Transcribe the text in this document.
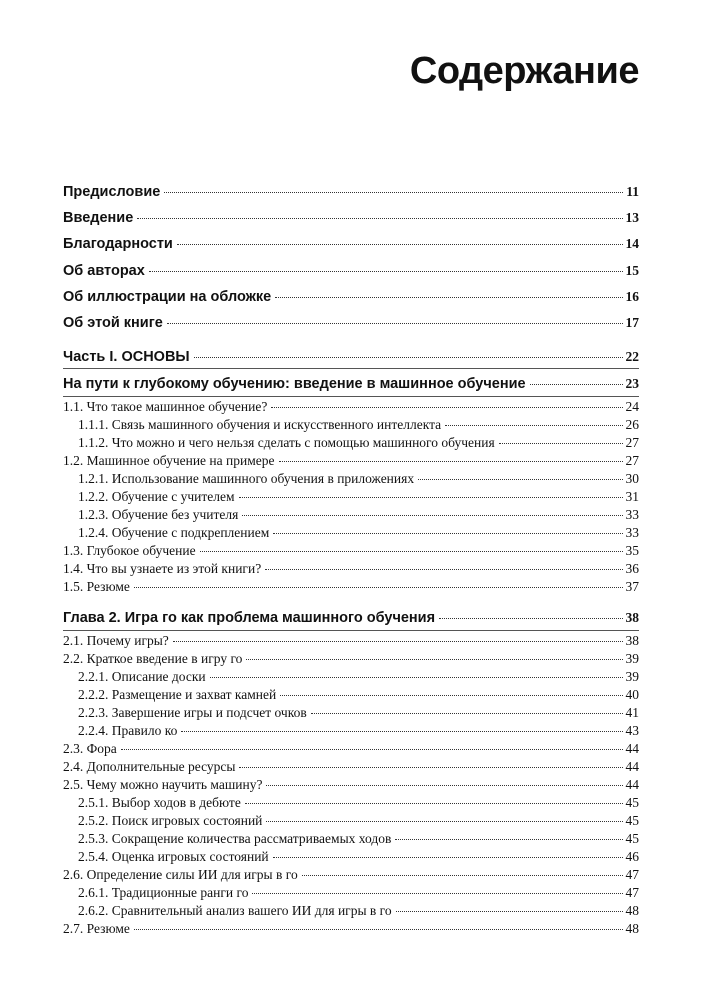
Содержание
Предисловие	11
Введение	13
Благодарности	14
Об авторах	15
Об иллюстрации на обложке	16
Об этой книге	17
Часть I. ОСНОВЫ	22
На пути к глубокому обучению: введение в машинное обучение	23
1.1. Что такое машинное обучение?	24
1.1.1. Связь машинного обучения и искусственного интеллекта	26
1.1.2. Что можно и чего нельзя сделать с помощью машинного обучения	27
1.2. Машинное обучение на примере	27
1.2.1. Использование машинного обучения в приложениях	30
1.2.2. Обучение с учителем	31
1.2.3. Обучение без учителя	33
1.2.4. Обучение с подкреплением	33
1.3. Глубокое обучение	35
1.4. Что вы узнаете из этой книги?	36
1.5. Резюме	37
Глава 2. Игра го как проблема машинного обучения	38
2.1. Почему игры?	38
2.2. Краткое введение в игру го	39
2.2.1. Описание доски	39
2.2.2. Размещение и захват камней	40
2.2.3. Завершение игры и подсчет очков	41
2.2.4. Правило ко	43
2.3. Фора	44
2.4. Дополнительные ресурсы	44
2.5. Чему можно научить машину?	44
2.5.1. Выбор ходов в дебюте	45
2.5.2. Поиск игровых состояний	45
2.5.3. Сокращение количества рассматриваемых ходов	45
2.5.4. Оценка игровых состояний	46
2.6. Определение силы ИИ для игры в го	47
2.6.1. Традиционные ранги го	47
2.6.2. Сравнительный анализ вашего ИИ для игры в го	48
2.7. Резюме	48
